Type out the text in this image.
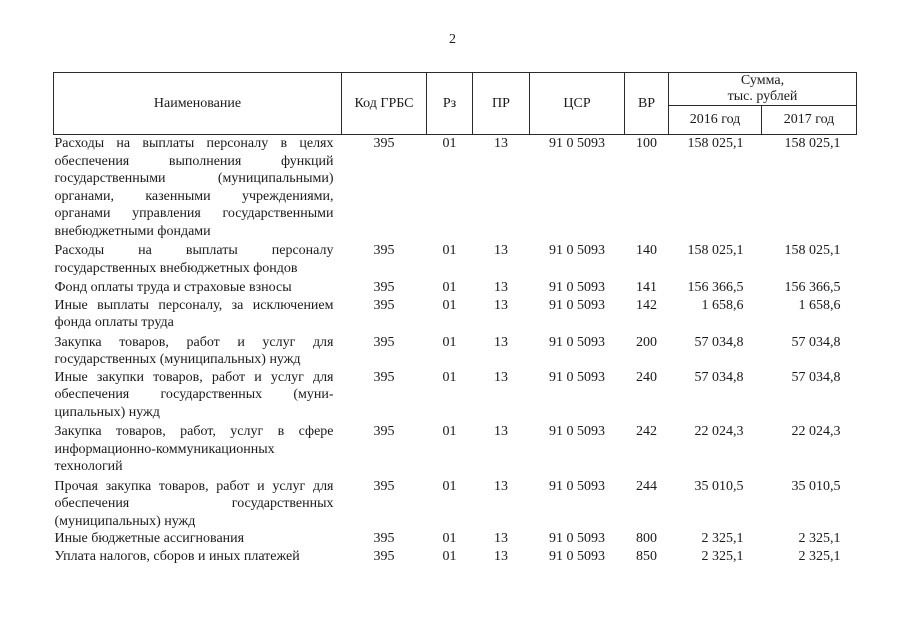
2
Наименование	Код ГРБС	Рз	ПР	ЦСР	ВР	Сумма,
тыс. рублей	

						2016 год	2017 год
Расходы на выплаты персоналу в целях обеспечения выполнения функций государственными (муниципальными) органами, казенными учреждениями, органами управления государственными внебюджетными фондами	395	01	13	91 0 5093	100	158 025,1	158 025,1
Расходы на выплаты персоналу государственных внебюджетных фондов	395	01	13	91 0 5093	140	158 025,1	158 025,1
Фонд оплаты труда и страховые взносы	395	01	13	91 0 5093	141	156 366,5	156 366,5
Иные выплаты персоналу, за исключением фонда оплаты труда	395	01	13	91 0 5093	142	1 658,6	1 658,6
Закупка товаров, работ и услуг для государственных (муниципальных) нужд	395	01	13	91 0 5093	200	57 034,8	57 034,8
Иные закупки товаров, работ и услуг для обеспечения государственных (муни-ципальных) нужд	395	01	13	91 0 5093	240	57 034,8	57 034,8
Закупка товаров, работ, услуг в сфере информационно-коммуникационных технологий	395	01	13	91 0 5093	242	22 024,3	22 024,3
Прочая закупка товаров, работ и услуг для обеспечения государственных (муниципальных) нужд	395	01	13	91 0 5093	244	35 010,5	35 010,5
Иные бюджетные ассигнования	395	01	13	91 0 5093	800	2 325,1	2 325,1
Уплата налогов, сборов и иных платежей	395	01	13	91 0 5093	850	2 325,1	2 325,1
